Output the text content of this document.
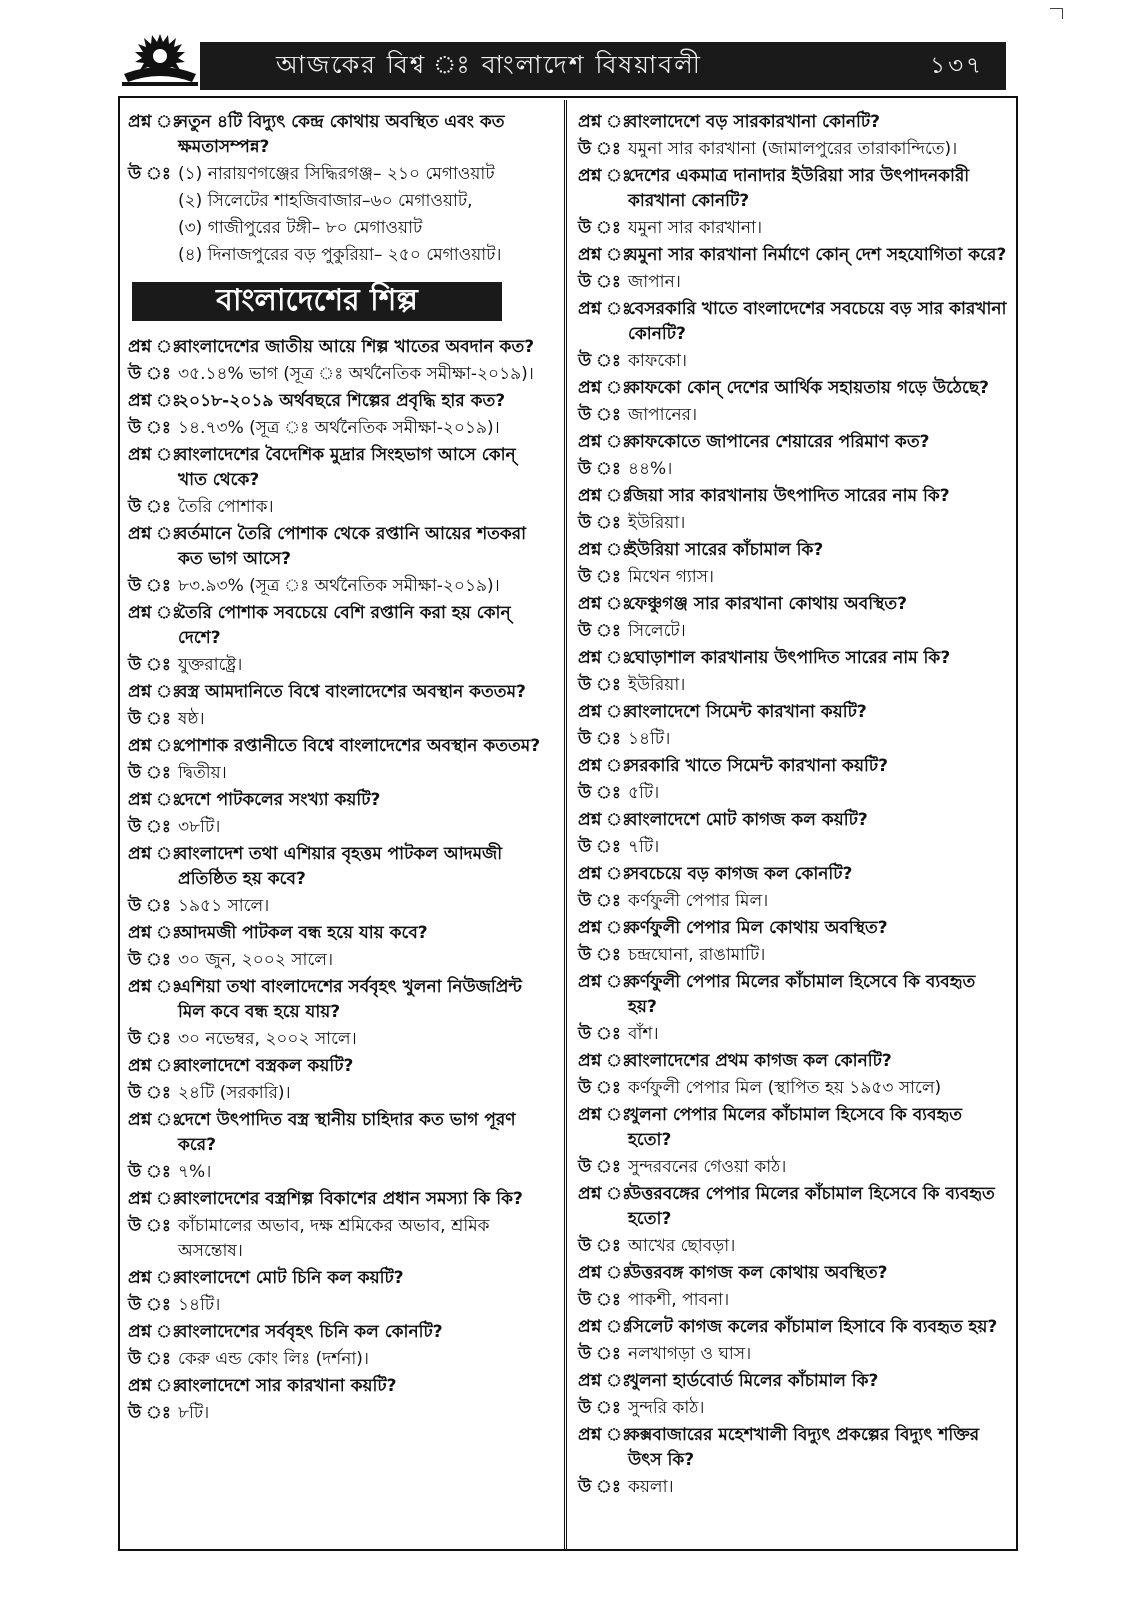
আজকের বিশ্ব ঃ বাংলাদেশ বিষয়াবলী	১৩৭
প্রশ্ন ঃ
নতুন ৪টি বিদ্যুৎ কেন্দ্র কোথায় অবস্থিত এবং কত ক্ষমতাসম্পন্ন?
উ ঃ (১) নারায়ণগঞ্জের সিদ্ধিরগঞ্জ– ২১০ মেগাওয়াট
(২) সিলেটের শাহজিবাজার–৬০ মেগাওয়াট,
(৩) গাজীপুরের টঙ্গী– ৮০ মেগাওয়াট
(৪) দিনাজপুরের বড় পুকুরিয়া– ২৫০ মেগাওয়াট।
বাংলাদেশের শিল্প
প্রশ্ন ঃ
বাংলাদেশের জাতীয় আয়ে শিল্প খাতের অবদান কত?
উ ঃ ৩৫.১৪% ভাগ (সূত্র ঃ অর্থনৈতিক সমীক্ষা-২০১৯)।
প্রশ্ন ঃ
২০১৮-২০১৯ অর্থবছরে শিল্পের প্রবৃদ্ধি হার কত?
উ ঃ ১৪.৭৩% (সূত্র ঃ অর্থনৈতিক সমীক্ষা-২০১৯)।
প্রশ্ন ঃ
বাংলাদেশের বৈদেশিক মুদ্রার সিংহভাগ আসে কোন্ খাত থেকে?
উ ঃ তৈরি পোশাক।
প্রশ্ন ঃ
বর্তমানে তৈরি পোশাক থেকে রপ্তানি আয়ের শতকরা কত ভাগ আসে?
উ ঃ ৮৩.৯৩% (সূত্র ঃ অর্থনৈতিক সমীক্ষা-২০১৯)।
প্রশ্ন ঃ
তৈরি পোশাক সবচেয়ে বেশি রপ্তানি করা হয় কোন্ দেশে?
উ ঃ যুক্তরাষ্ট্রে।
প্রশ্ন ঃ
বস্ত্র আমদানিতে বিশ্বে বাংলাদেশের অবস্থান কততম?
উ ঃ ষষ্ঠ।
প্রশ্ন ঃ
পোশাক রপ্তানীতে বিশ্বে বাংলাদেশের অবস্থান কততম?
উ ঃ দ্বিতীয়।
প্রশ্ন ঃ
দেশে পাটকলের সংখ্যা কয়টি?
উ ঃ ৩৮টি।
প্রশ্ন ঃ
বাংলাদেশ তথা এশিয়ার বৃহত্তম পাটকল আদমজী প্রতিষ্ঠিত হয় কবে?
উ ঃ ১৯৫১ সালে।
প্রশ্ন ঃ
আদমজী পাটকল বন্ধ হয়ে যায় কবে?
উ ঃ ৩০ জুন, ২০০২ সালে।
প্রশ্ন ঃ
এশিয়া তথা বাংলাদেশের সর্ববৃহৎ খুলনা নিউজপ্রিন্ট মিল কবে বন্ধ হয়ে যায়?
উ ঃ ৩০ নভেম্বর, ২০০২ সালে।
প্রশ্ন ঃ
বাংলাদেশে বস্ত্রকল কয়টি?
উ ঃ ২৪টি (সরকারি)।
প্রশ্ন ঃ
দেশে উৎপাদিত বস্ত্র স্থানীয় চাহিদার কত ভাগ পূরণ করে?
উ ঃ ৭%।
প্রশ্ন ঃ
বাংলাদেশের বস্ত্রশিল্প বিকাশের প্রধান সমস্যা কি কি?
উ ঃ কাঁচামালের অভাব, দক্ষ শ্রমিকের অভাব, শ্রমিক অসন্তোষ।
প্রশ্ন ঃ
বাংলাদেশে মোট চিনি কল কয়টি?
উ ঃ ১৪টি।
প্রশ্ন ঃ
বাংলাদেশের সর্ববৃহৎ চিনি কল কোনটি?
উ ঃ কেরু এন্ড কোং লিঃ (দর্শনা)।
প্রশ্ন ঃ
বাংলাদেশে সার কারখানা কয়টি?
উ ঃ ৮টি।
প্রশ্ন ঃ
বাংলাদেশে বড় সারকারখানা কোনটি?
উ ঃ যমুনা সার কারখানা (জামালপুরের তারাকান্দিতে)।
প্রশ্ন ঃ
দেশের একমাত্র দানাদার ইউরিয়া সার উৎপাদনকারী কারখানা কোনটি?
উ ঃ যমুনা সার কারখানা।
প্রশ্ন ঃ
যমুনা সার কারখানা নির্মাণে কোন্ দেশ সহযোগিতা করে?
উ ঃ জাপান।
প্রশ্ন ঃ
বেসরকারি খাতে বাংলাদেশের সবচেয়ে বড় সার কারখানা কোনটি?
উ ঃ কাফকো।
প্রশ্ন ঃ
কাফকো কোন্ দেশের আর্থিক সহায়তায় গড়ে উঠেছে?
উ ঃ জাপানের।
প্রশ্ন ঃ
কাফকোতে জাপানের শেয়ারের পরিমাণ কত?
উ ঃ ৪৪%।
প্রশ্ন ঃ
জিয়া সার কারখানায় উৎপাদিত সারের নাম কি?
উ ঃ ইউরিয়া।
প্রশ্ন ঃ
ইউরিয়া সারের কাঁচামাল কি?
উ ঃ মিথেন গ্যাস।
প্রশ্ন ঃ
ফেঞ্চুগঞ্জ সার কারখানা কোথায় অবস্থিত?
উ ঃ সিলেটে।
প্রশ্ন ঃ
ঘোড়াশাল কারখানায় উৎপাদিত সারের নাম কি?
উ ঃ ইউরিয়া।
প্রশ্ন ঃ
বাংলাদেশে সিমেন্ট কারখানা কয়টি?
উ ঃ ১৪টি।
প্রশ্ন ঃ
সরকারি খাতে সিমেন্ট কারখানা কয়টি?
উ ঃ ৫টি।
প্রশ্ন ঃ
বাংলাদেশে মোট কাগজ কল কয়টি?
উ ঃ ৭টি।
প্রশ্ন ঃ
সবচেয়ে বড় কাগজ কল কোনটি?
উ ঃ কর্ণফুলী পেপার মিল।
প্রশ্ন ঃ
কর্ণফুলী পেপার মিল কোথায় অবস্থিত?
উ ঃ চন্দ্রঘোনা, রাঙামাটি।
প্রশ্ন ঃ
কর্ণফুলী পেপার মিলের কাঁচামাল হিসেবে কি ব্যবহৃত হয়?
উ ঃ বাঁশ।
প্রশ্ন ঃ
বাংলাদেশের প্রথম কাগজ কল কোনটি?
উ ঃ কর্ণফুলী পেপার মিল (স্থাপিত হয় ১৯৫৩ সালে)
প্রশ্ন ঃ
খুলনা পেপার মিলের কাঁচামাল হিসেবে কি ব্যবহৃত হতো?
উ ঃ সুন্দরবনের গেওয়া কাঠ।
প্রশ্ন ঃ
উত্তরবঙ্গের পেপার মিলের কাঁচামাল হিসেবে কি ব্যবহৃত হতো?
উ ঃ আখের ছোবড়া।
প্রশ্ন ঃ
উত্তরবঙ্গ কাগজ কল কোথায় অবস্থিত?
উ ঃ পাকশী, পাবনা।
প্রশ্ন ঃ
সিলেট কাগজ কলের কাঁচামাল হিসাবে কি ব্যবহৃত হয়?
উ ঃ নলখাগড়া ও ঘাস।
প্রশ্ন ঃ
খুলনা হার্ডবোর্ড মিলের কাঁচামাল কি?
উ ঃ সুন্দরি কাঠ।
প্রশ্ন ঃ
কক্সবাজারের মহেশখালী বিদ্যুৎ প্রকল্পের বিদ্যুৎ শক্তির উৎস কি?
উ ঃ কয়লা।
